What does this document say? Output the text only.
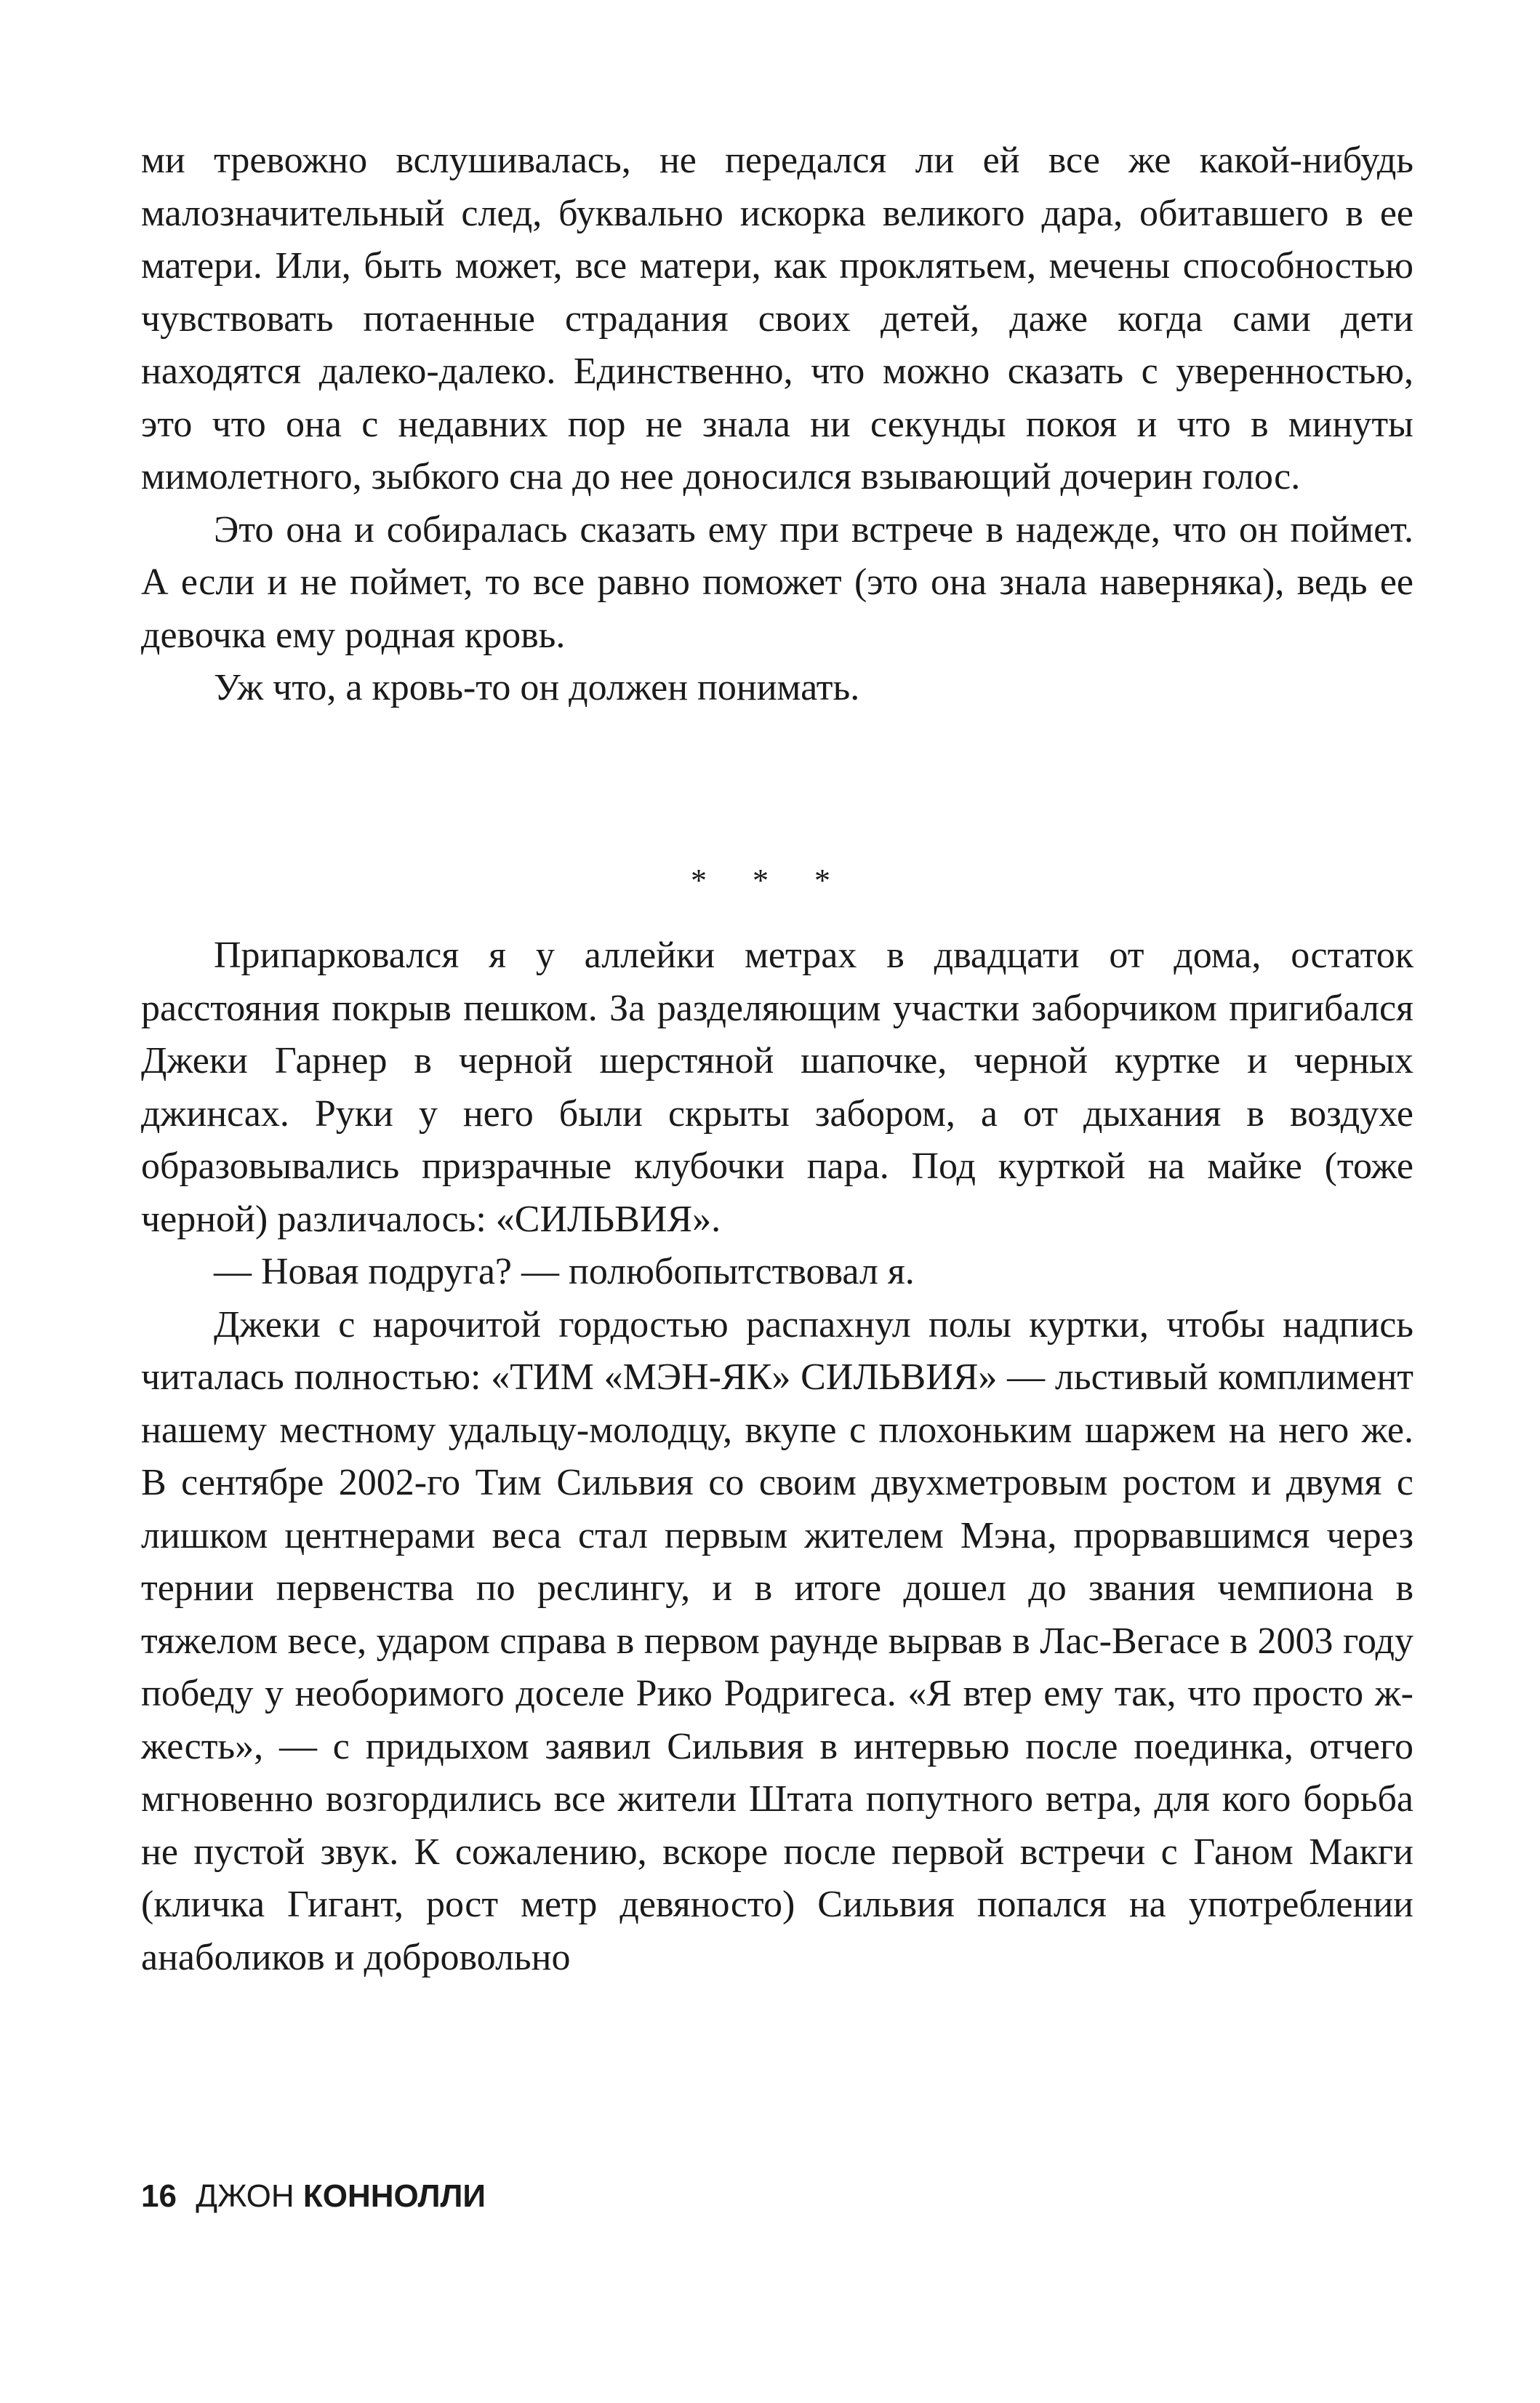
ми тревожно вслушивалась, не передался ли ей все же какой-нибудь малозначительный след, буквально искорка великого дара, обитавшего в ее матери. Или, быть может, все матери, как проклятьем, мечены способностью чувствовать потаенные страдания своих детей, даже когда сами дети находятся далеко-далеко. Единственно, что можно сказать с уверенностью, это что она с недавних пор не знала ни секунды покоя и что в минуты мимолетного, зыбкого сна до нее доносился взывающий дочерин голос.

Это она и собиралась сказать ему при встрече в надежде, что он поймет. А если и не поймет, то все равно поможет (это она знала наверняка), ведь ее девочка ему родная кровь.

Уж что, а кровь-то он должен понимать.

* * *

Припарковался я у аллейки метрах в двадцати от дома, остаток расстояния покрыв пешком. За разделяющим участки заборчиком пригибался Джеки Гарнер в черной шерстяной шапочке, черной куртке и черных джинсах. Руки у него были скрыты забором, а от дыхания в воздухе образовывались призрачные клубочки пара. Под курткой на майке (тоже черной) различалось: «СИЛЬВИЯ».

— Новая подруга? — полюбопытствовал я.

Джеки с нарочитой гордостью распахнул полы куртки, чтобы надпись читалась полностью: «ТИМ «МЭН-ЯК» СИЛЬВИЯ» — льстивый комплимент нашему местному удальцу-молодцу, вкупе с плохоньким шаржем на него же. В сентябре 2002-го Тим Сильвия со своим двухметровым ростом и двумя с лишком центнерами веса стал первым жителем Мэна, прорвавшимся через тернии первенства по реслингу, и в итоге дошел до звания чемпиона в тяжелом весе, ударом справа в первом раунде вырвав в Лас-Вегасе в 2003 году победу у необоримого доселе Рико Родригеса. «Я втер ему так, что просто ж-жесть», — с придыхом заявил Сильвия в интервью после поединка, отчего мгновенно возгордились все жители Штата попутного ветра, для кого борьба не пустой звук. К сожалению, вскоре после первой встречи с Ганом Макги (кличка Гигант, рост метр девяносто) Сильвия попался на употреблении анаболиков и добровольно

16 ДЖОН КОННОЛЛИ
